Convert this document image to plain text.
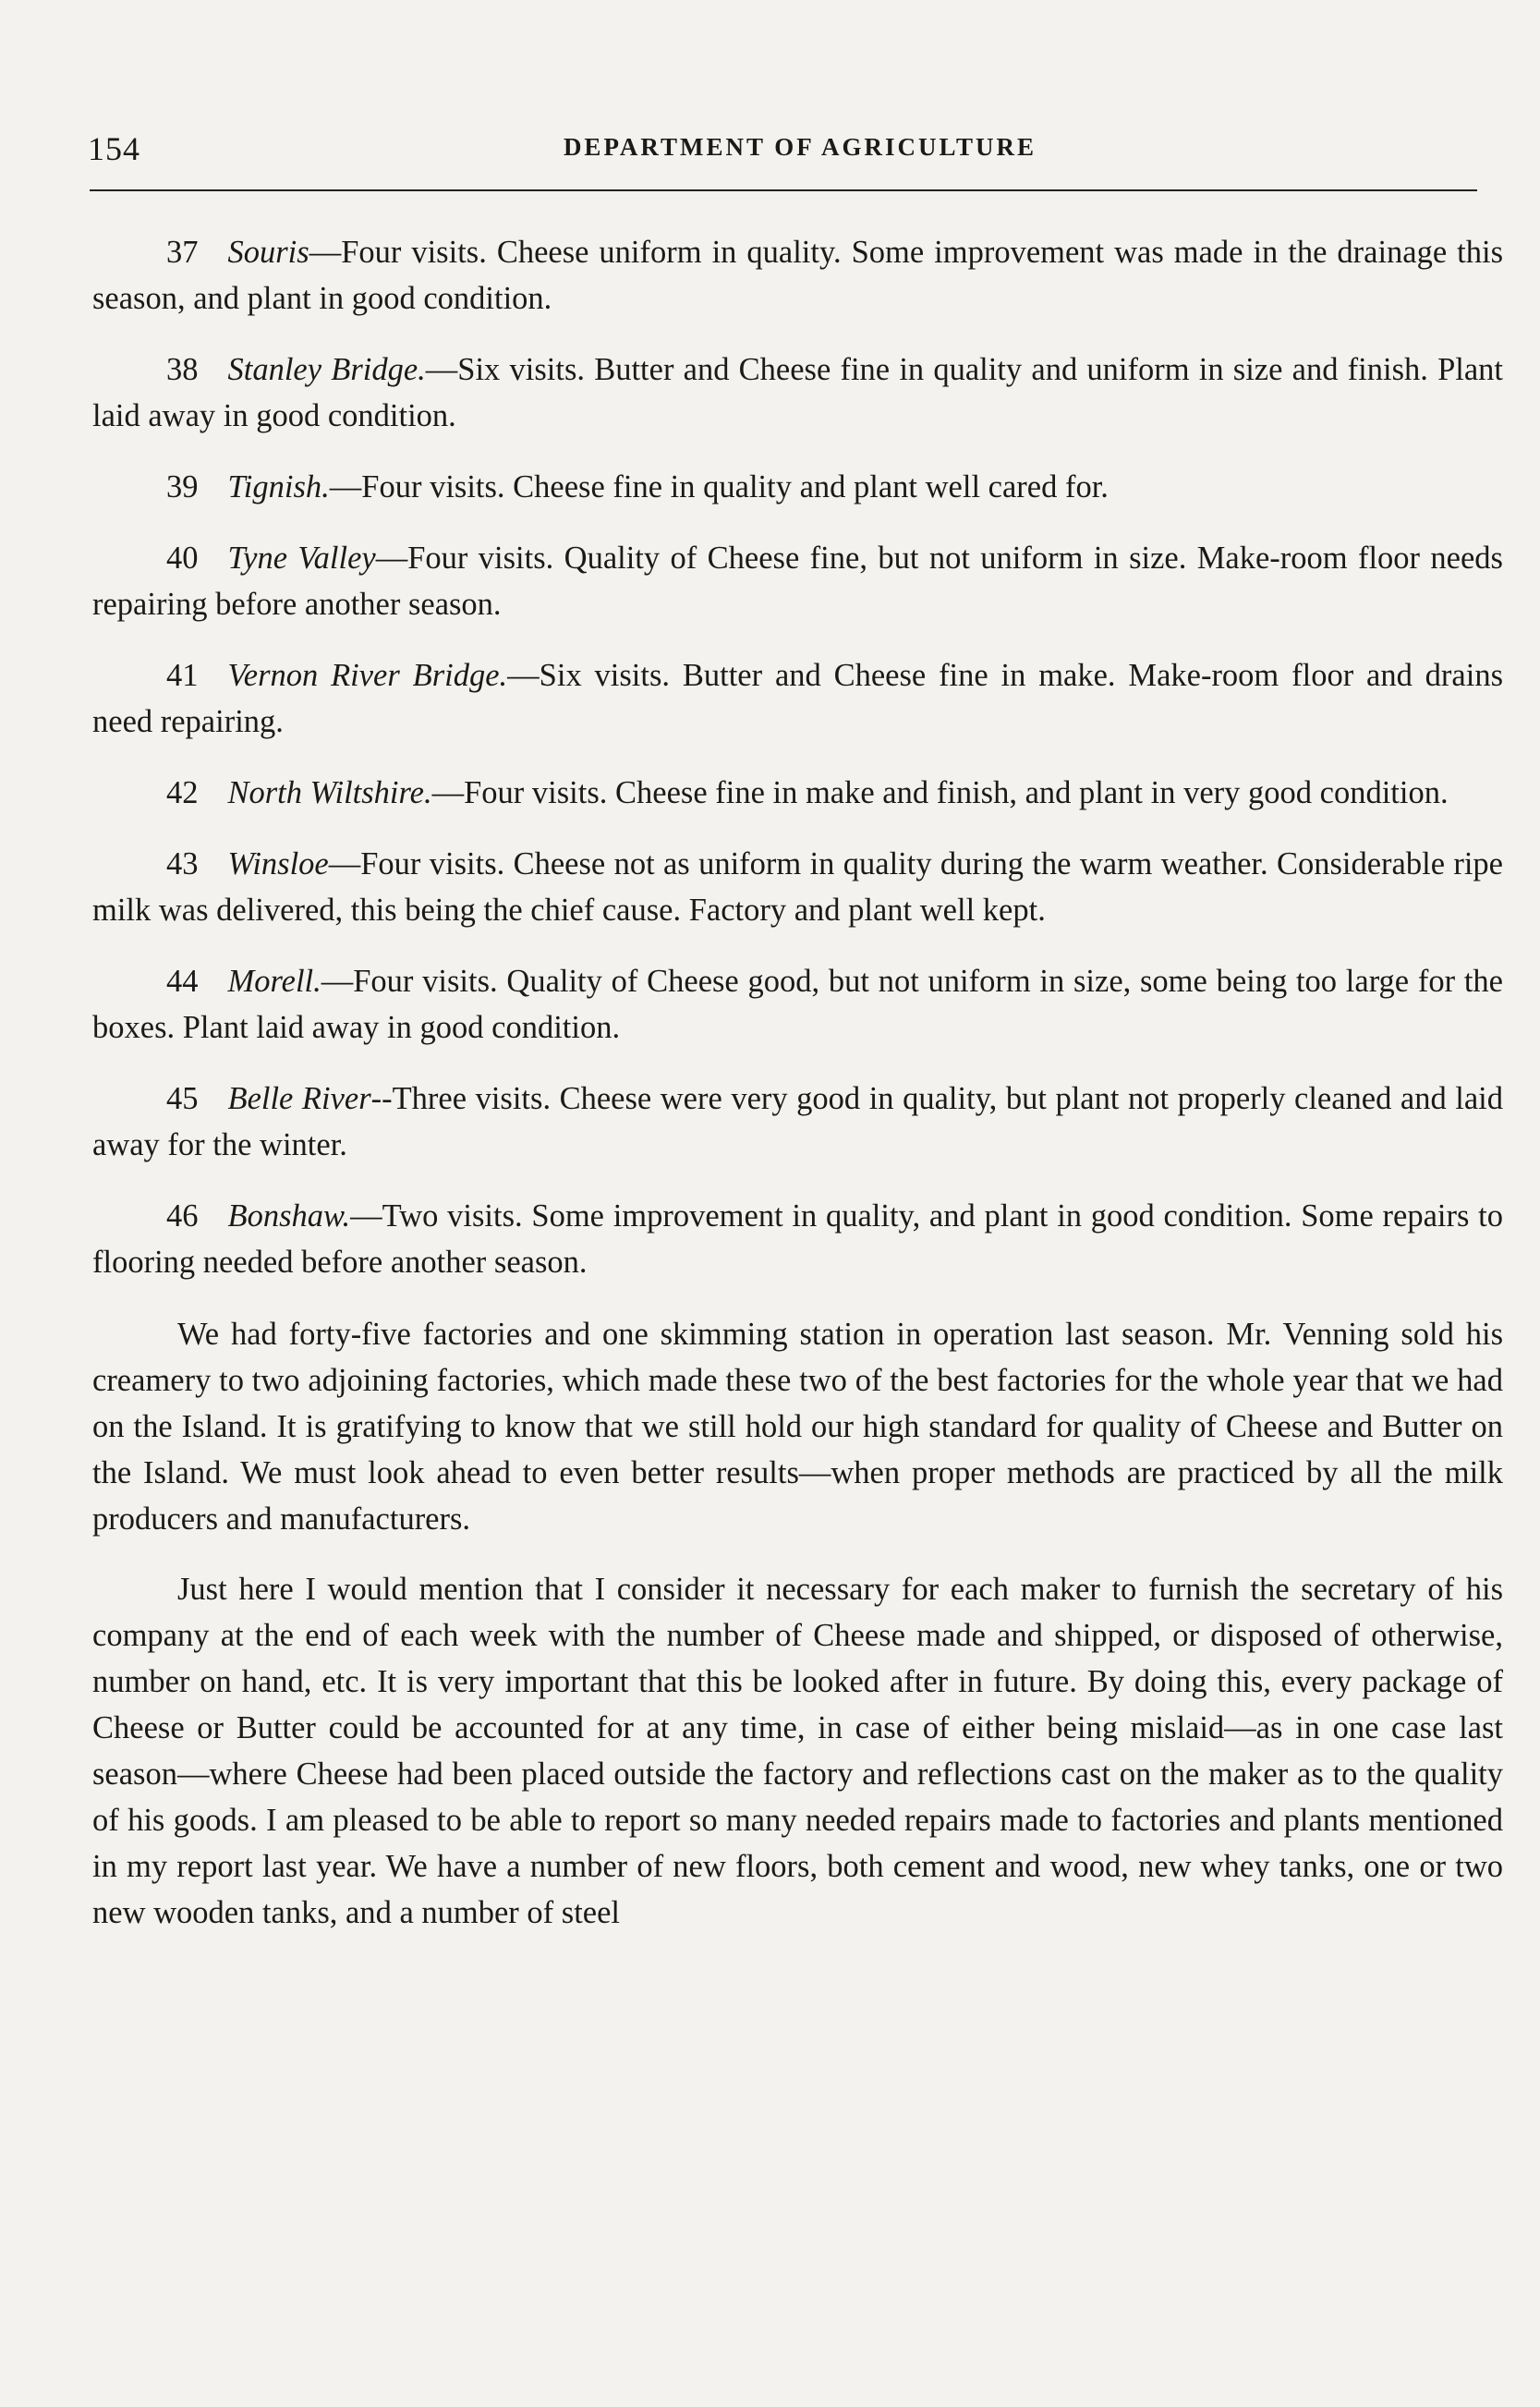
154	DEPARTMENT OF AGRICULTURE

37 Souris—Four visits. Cheese uniform in quality. Some improvement was made in the drainage this season, and plant in good condition.

38 Stanley Bridge.—Six visits. Butter and Cheese fine in quality and uniform in size and finish. Plant laid away in good condition.

39 Tignish.—Four visits. Cheese fine in quality and plant well cared for.

40 Tyne Valley—Four visits. Quality of Cheese fine, but not uniform in size. Make-room floor needs repairing before another season.

41 Vernon River Bridge.—Six visits. Butter and Cheese fine in make. Make-room floor and drains need repairing.

42 North Wiltshire.—Four visits. Cheese fine in make and finish, and plant in very good condition.

43 Winsloe—Four visits. Cheese not as uniform in quality during the warm weather. Considerable ripe milk was delivered, this being the chief cause. Factory and plant well kept.

44 Morell.—Four visits. Quality of Cheese good, but not uniform in size, some being too large for the boxes. Plant laid away in good condition.

45 Belle River--Three visits. Cheese were very good in quality, but plant not properly cleaned and laid away for the winter.

46 Bonshaw.—Two visits. Some improvement in quality, and plant in good condition. Some repairs to flooring needed before another season.

We had forty-five factories and one skimming station in operation last season. Mr. Venning sold his creamery to two adjoining factories, which made these two of the best factories for the whole year that we had on the Island. It is gratifying to know that we still hold our high standard for quality of Cheese and Butter on the Island. We must look ahead to even better results—when proper methods are practiced by all the milk producers and manufacturers.

Just here I would mention that I consider it necessary for each maker to furnish the secretary of his company at the end of each week with the number of Cheese made and shipped, or disposed of otherwise, number on hand, etc. It is very important that this be looked after in future. By doing this, every package of Cheese or Butter could be accounted for at any time, in case of either being mislaid—as in one case last season—where Cheese had been placed outside the factory and reflections cast on the maker as to the quality of his goods. I am pleased to be able to report so many needed repairs made to factories and plants mentioned in my report last year. We have a number of new floors, both cement and wood, new whey tanks, one or two new wooden tanks, and a number of steel
